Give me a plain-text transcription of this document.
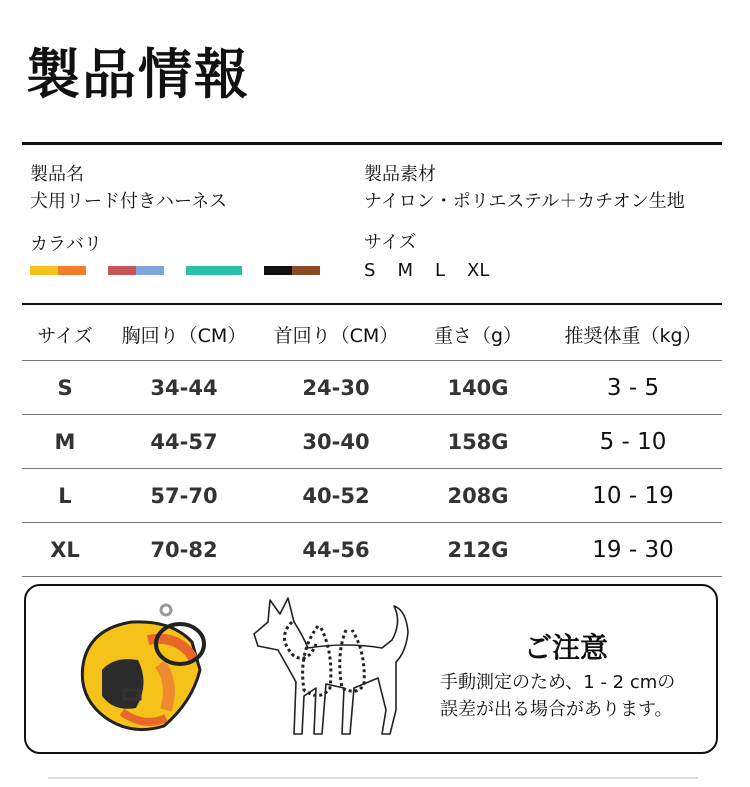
製品情報
製品名
犬用リード付きハーネス
製品素材
ナイロン・ポリエステル＋カチオン生地
カラバリ	サイズ
S M L XL
サイズ	胸回り（CM）	首回り（CM）	重さ（g）	推奨体重（kg）
S	34-44	24-30	140G	3 - 5
M	44-57	30-40	158G	5 - 10
L	57-70	40-52	208G	10 - 19
XL	70-82	44-56	212G	19 - 30
ご注意
手動測定のため、1 - 2 cmの
誤差が出る場合があります。
